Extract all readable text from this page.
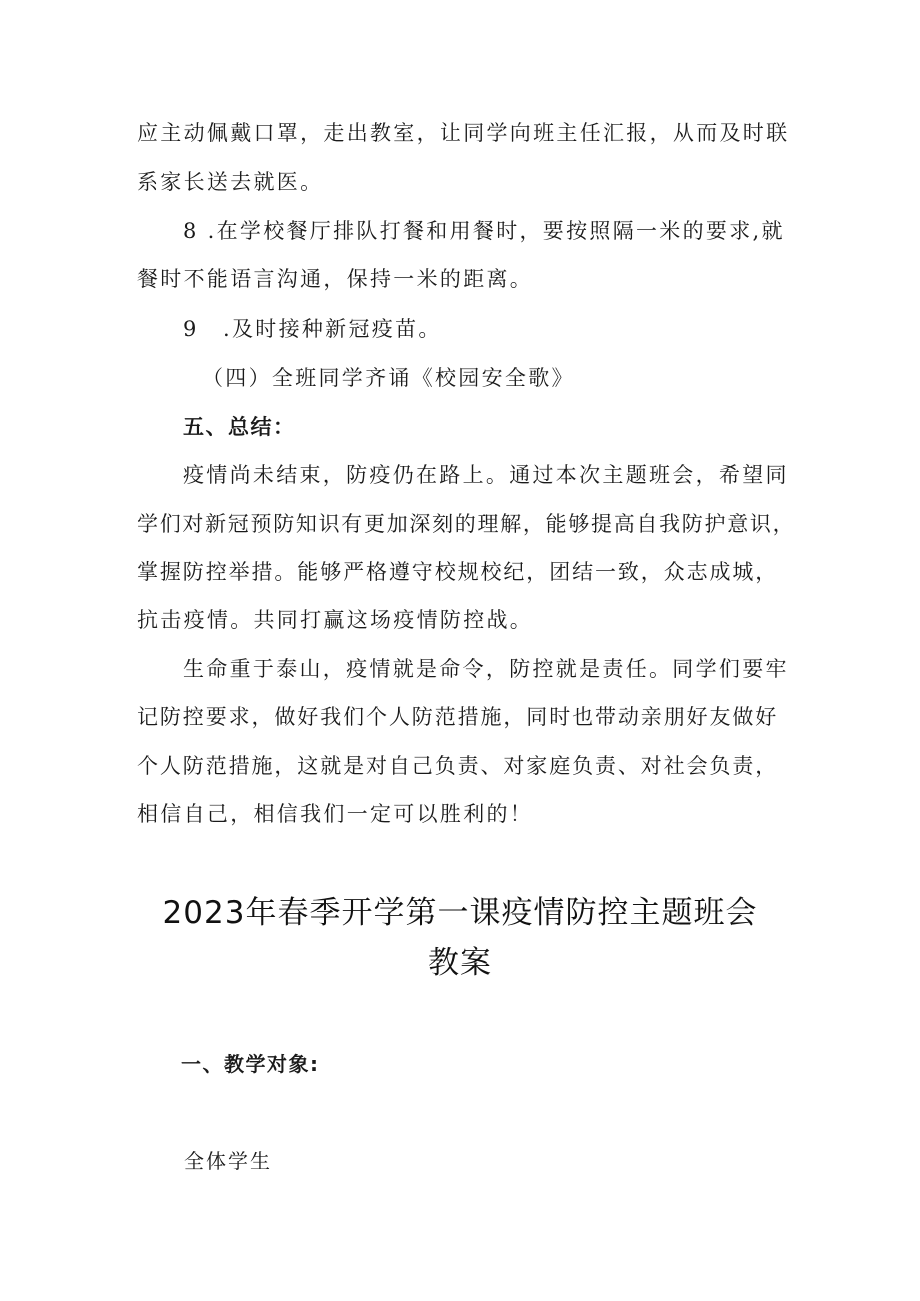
应主动佩戴口罩，走出教室，让同学向班主任汇报，从而及时联
系家长送去就医。
8 .在学校餐厅排队打餐和用餐时，要按照隔一米的要求,就
餐时不能语言沟通，保持一米的距离。
9 .及时接种新冠疫苗。
（四）全班同学齐诵《校园安全歌》
五、总结：
疫情尚未结束，防疫仍在路上。通过本次主题班会，希望同
学们对新冠预防知识有更加深刻的理解，能够提高自我防护意识，
掌握防控举措。能够严格遵守校规校纪，团结一致，众志成城，
抗击疫情。共同打赢这场疫情防控战。
生命重于泰山，疫情就是命令，防控就是责任。同学们要牢
记防控要求，做好我们个人防范措施，同时也带动亲朋好友做好
个人防范措施，这就是对自己负责、对家庭负责、对社会负责，
相信自己，相信我们一定可以胜利的！
2023年春季开学第一课疫情防控主题班会
教案
一、教学对象:
全体学生
